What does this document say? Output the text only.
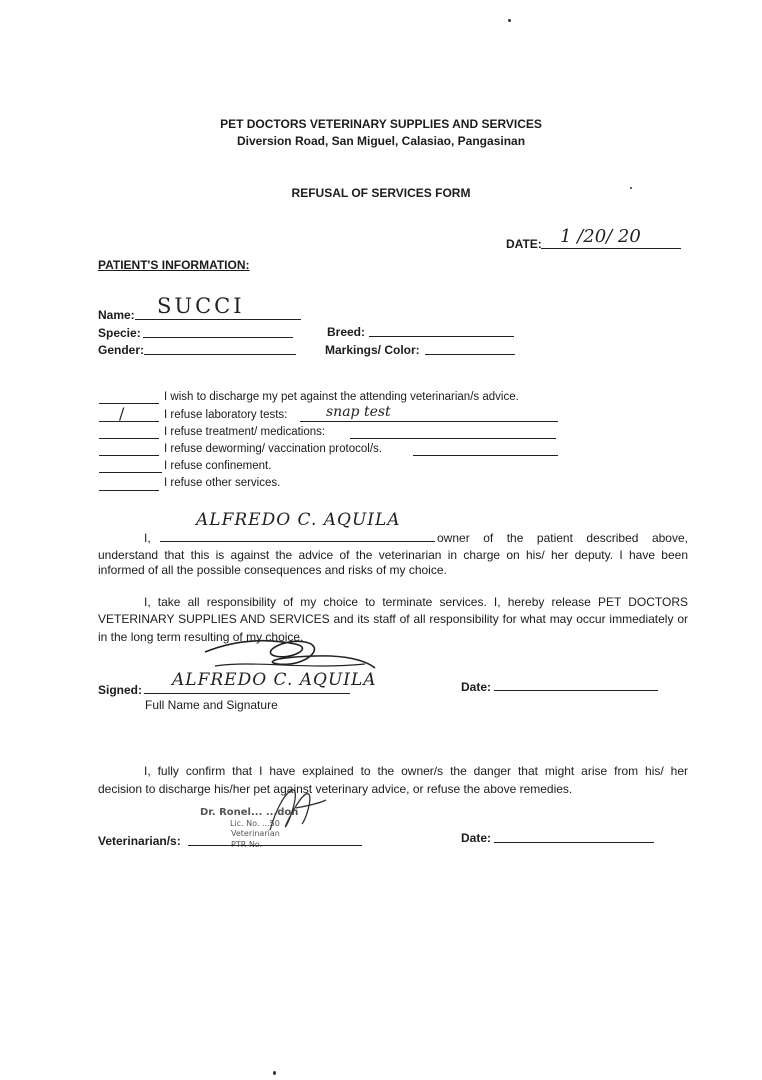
PET DOCTORS VETERINARY SUPPLIES AND SERVICES
Diversion Road, San Miguel, Calasiao, Pangasinan
REFUSAL OF SERVICES FORM
DATE: 1 /20/ 20
PATIENT'S INFORMATION:
Name: SUCCI
Specie:
Gender:
Breed:
Markings/ Color:
I wish to discharge my pet against the attending veterinarian/s advice.
/	I refuse laboratory tests:	snap test
I refuse treatment/ medications:
I refuse deworming/ vaccination protocol/s.
I refuse confinement.
I refuse other services.
I,
ALFREDO C. AQUILA
owner of the patient described above,
understand that this is against the advice of the veterinarian in charge on his/ her deputy. I have been
informed of all the possible consequences and risks of my choice.
I, take all responsibility of my choice to terminate services. I, hereby release PET DOCTORS
VETERINARY SUPPLIES AND SERVICES and its staff of all responsibility for what may occur immediately or
in the long term resulting of my choice.
Signed: ALFREDO C. AQUILA
Full Name and Signature
Date:
I, fully confirm that I have explained to the owner/s the danger that might arise from his/ her
decision to discharge his/her pet against veterinary advice, or refuse the above remedies.
Dr. Ronel... ...don
Lic. No. ...50
Veterinarian
PTR No.
Veterinarian/s:	Date:
